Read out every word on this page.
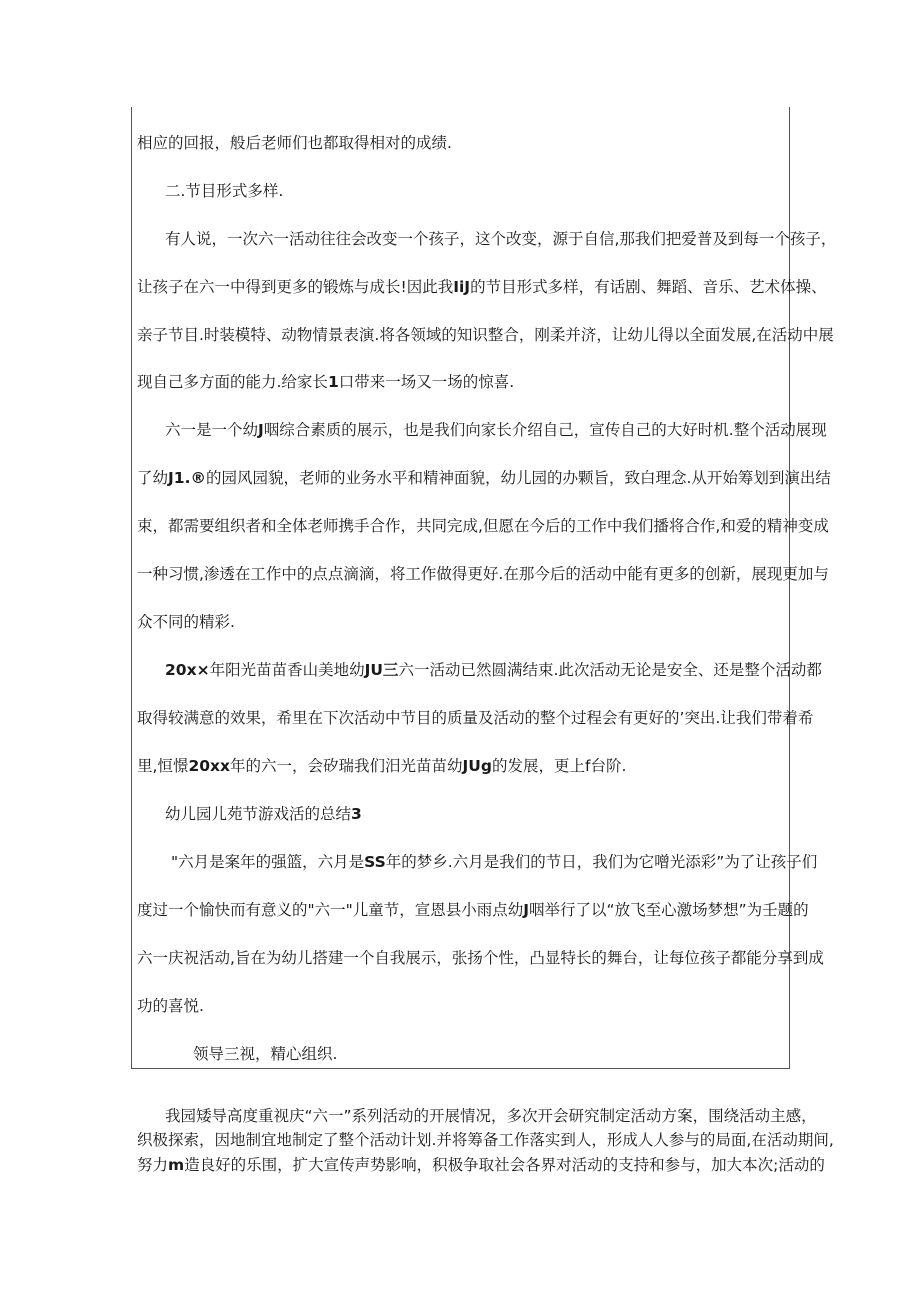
相应的回报，般后老师们也都取得相对的成绩.
二.节目形式多样.
有人说，一次六一活动往往会改变一个孩子，这个改变，源于自信,那我们把爱普及到每一个孩子，
让孩子在六一中得到更多的锻炼与成长!因此我IiJ的节目形式多样，有话剧、舞蹈、音乐、艺术体操、
亲子节目.时装模特、动物情景表演.将各领域的知识整合，刚柔并济，让幼儿得以全面发展,在活动中展
现自己多方面的能力.给家长1口带来一场又一场的惊喜.
六一是一个幼J咽综合素质的展示，也是我们向家长介绍自己，宣传自己的大好时机.整个活动展现
了幼J1.®的园风园貌，老师的业务水平和精神面貌，幼儿园的办颗旨，致白理念.从开始筹划到演出结
束，都需要组织者和全体老师携手合作，共同完成,但愿在今后的工作中我们播将合作,和爱的精神变成
一种习惯,渗透在工作中的点点滴滴，将工作做得更好.在那今后的活动中能有更多的创新，展现更加与
众不同的精彩.
20x×年阳光苗苗香山美地幼JU三六一活动已然圆满结束.此次活动无论是安全、还是整个活动都
取得较满意的效果，希里在下次活动中节目的质量及活动的整个过程会有更好的’突出.让我们带着希
里,恒憬20xx年的六一，会矽瑞我们汨光苗苗幼JUg的发展，更上f台阶.
幼儿园儿苑节游戏活的总结3
"六月是案年的强篮，六月是SS年的梦乡.六月是我们的节日，我们为它噌光添彩”为了让孩子们
度过一个愉快而有意义的"六一"儿童节，宣恩县小雨点幼J咽举行了以“放飞至心激场梦想”为壬题的
六一庆祝活动,旨在为幼儿搭建一个自我展示，张扬个性，凸显特长的舞台，让每位孩子都能分享到成
功的喜悦.
领导三视，精心组织.
我园矮导高度重视庆“六一”系列活动的开展情况，多次开会研究制定活动方案，围绕活动主感，
织极探索，因地制宜地制定了整个活动计划.并将筹备工作落实到人，形成人人参与的局面,在活动期间,
努力m造良好的乐围，扩大宣传声势影响，积极争取社会各界对活动的支持和参与，加大本次;活动的
